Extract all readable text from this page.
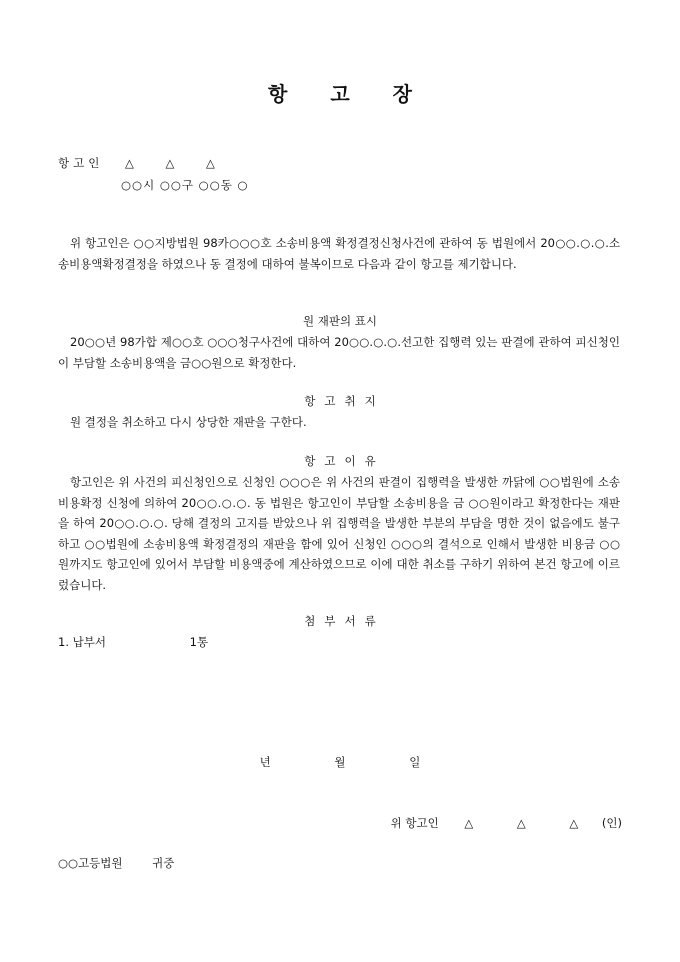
항 고 장
항고인 △ △ △
○○시 ○○구 ○○동 ○
위 항고인은 ○○지방법원 98카○○○호 소송비용액 확정결정신청사건에 관하여 동 법원에서 20○○.○.○.소송비용액확정결정을 하였으나 동 결정에 대하여 불복이므로 다음과 같이 항고를 제기합니다.
원 재판의 표시
20○○년 98가합 제○○호 ○○○청구사건에 대하여 20○○.○.○.선고한 집행력 있는 판결에 관하여 피신청인이 부담할 소송비용액을 금○○원으로 확정한다.
항고취지
원 결정을 취소하고 다시 상당한 재판을 구한다.
항고이유
항고인은 위 사건의 피신청인으로 신청인 ○○○은 위 사건의 판결이 집행력을 발생한 까닭에 ○○법원에 소송비용확정 신청에 의하여 20○○.○.○. 동 법원은 항고인이 부담할 소송비용을 금 ○○원이라고 확정한다는 재판을 하여 20○○.○.○. 당해 결정의 고지를 받았으나 위 집행력을 발생한 부분의 부담을 명한 것이 없음에도 불구하고 ○○법원에 소송비용액 확정결정의 재판을 함에 있어 신청인 ○○○의 결석으로 인해서 발생한 비용금 ○○원까지도 항고인에 있어서 부담할 비용액중에 계산하였으므로 이에 대한 취소를 구하기 위하여 본건 항고에 이르렀습니다.
첨부서류
1. 납부서	1통
년 월 일
위 항고인 △ △ △ (인)
○○고등법원	귀중
